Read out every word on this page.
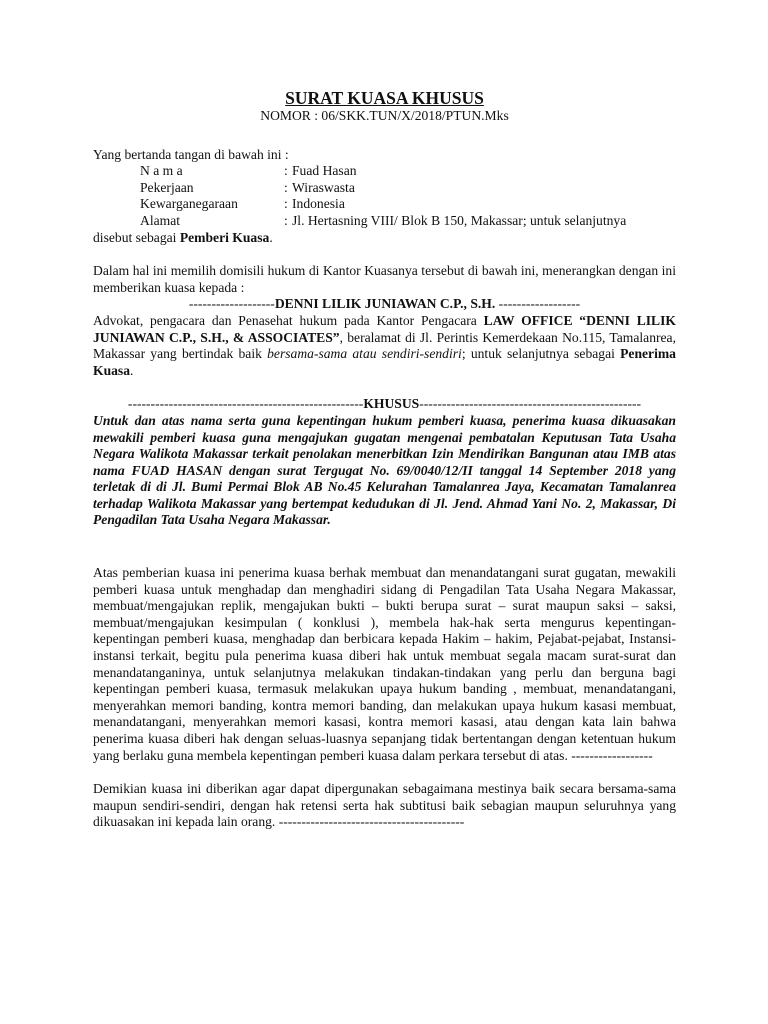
SURAT KUASA KHUSUS
NOMOR : 06/SKK.TUN/X/2018/PTUN.Mks
Yang bertanda tangan di bawah ini :
N a m a	: Fuad Hasan
Pekerjaan	: Wiraswasta
Kewarganegaraan	: Indonesia
Alamat	: Jl. Hertasning VIII/ Blok B 150, Makassar; untuk selanjutnya
disebut sebagai Pemberi Kuasa.
Dalam hal ini memilih domisili hukum di Kantor Kuasanya tersebut di bawah ini, menerangkan dengan ini memberikan kuasa kepada :
-------------------DENNI LILIK JUNIAWAN C.P., S.H. ------------------
Advokat, pengacara dan Penasehat hukum pada Kantor Pengacara LAW OFFICE “DENNI LILIK JUNIAWAN C.P., S.H., & ASSOCIATES”, beralamat di Jl. Perintis Kemerdekaan No.115, Tamalanrea, Makassar yang bertindak baik bersama-sama atau sendiri-sendiri; untuk selanjutnya sebagai Penerima Kuasa.
----------------------------------------------------KHUSUS-------------------------------------------------
Untuk dan atas nama serta guna kepentingan hukum pemberi kuasa, penerima kuasa dikuasakan mewakili pemberi kuasa guna mengajukan gugatan mengenai pembatalan Keputusan Tata Usaha Negara Walikota Makassar terkait penolakan menerbitkan Izin Mendirikan Bangunan atau IMB atas nama FUAD HASAN dengan surat Tergugat No. 69/0040/12/II tanggal 14 September 2018 yang terletak di di Jl. Bumi Permai Blok AB No.45 Kelurahan Tamalanrea Jaya, Kecamatan Tamalanrea terhadap Walikota Makassar yang bertempat kedudukan di Jl. Jend. Ahmad Yani No. 2, Makassar, Di Pengadilan Tata Usaha Negara Makassar.
Atas pemberian kuasa ini penerima kuasa berhak membuat dan menandatangani surat gugatan, mewakili pemberi kuasa untuk menghadap dan menghadiri sidang di Pengadilan Tata Usaha Negara Makassar, membuat/mengajukan replik, mengajukan bukti – bukti berupa surat – surat maupun saksi – saksi, membuat/mengajukan kesimpulan ( konklusi ), membela hak-hak serta mengurus kepentingan-kepentingan pemberi kuasa, menghadap dan berbicara kepada Hakim – hakim, Pejabat-pejabat, Instansi- instansi terkait, begitu pula penerima kuasa diberi hak untuk membuat segala macam surat-surat dan menandatanganinya, untuk selanjutnya melakukan tindakan-tindakan yang perlu dan berguna bagi kepentingan pemberi kuasa, termasuk melakukan upaya hukum banding , membuat, menandatangani, menyerahkan memori banding, kontra memori banding, dan melakukan upaya hukum kasasi membuat, menandatangani, menyerahkan memori kasasi, kontra memori kasasi, atau dengan kata lain bahwa penerima kuasa diberi hak dengan seluas-luasnya sepanjang tidak bertentangan dengan ketentuan hukum yang berlaku guna membela kepentingan pemberi kuasa dalam perkara tersebut di atas. ------------------
Demikian kuasa ini diberikan agar dapat dipergunakan sebagaimana mestinya baik secara bersama-sama maupun sendiri-sendiri, dengan hak retensi serta hak subtitusi baik sebagian maupun seluruhnya yang dikuasakan ini kepada lain orang. -----------------------------------------
